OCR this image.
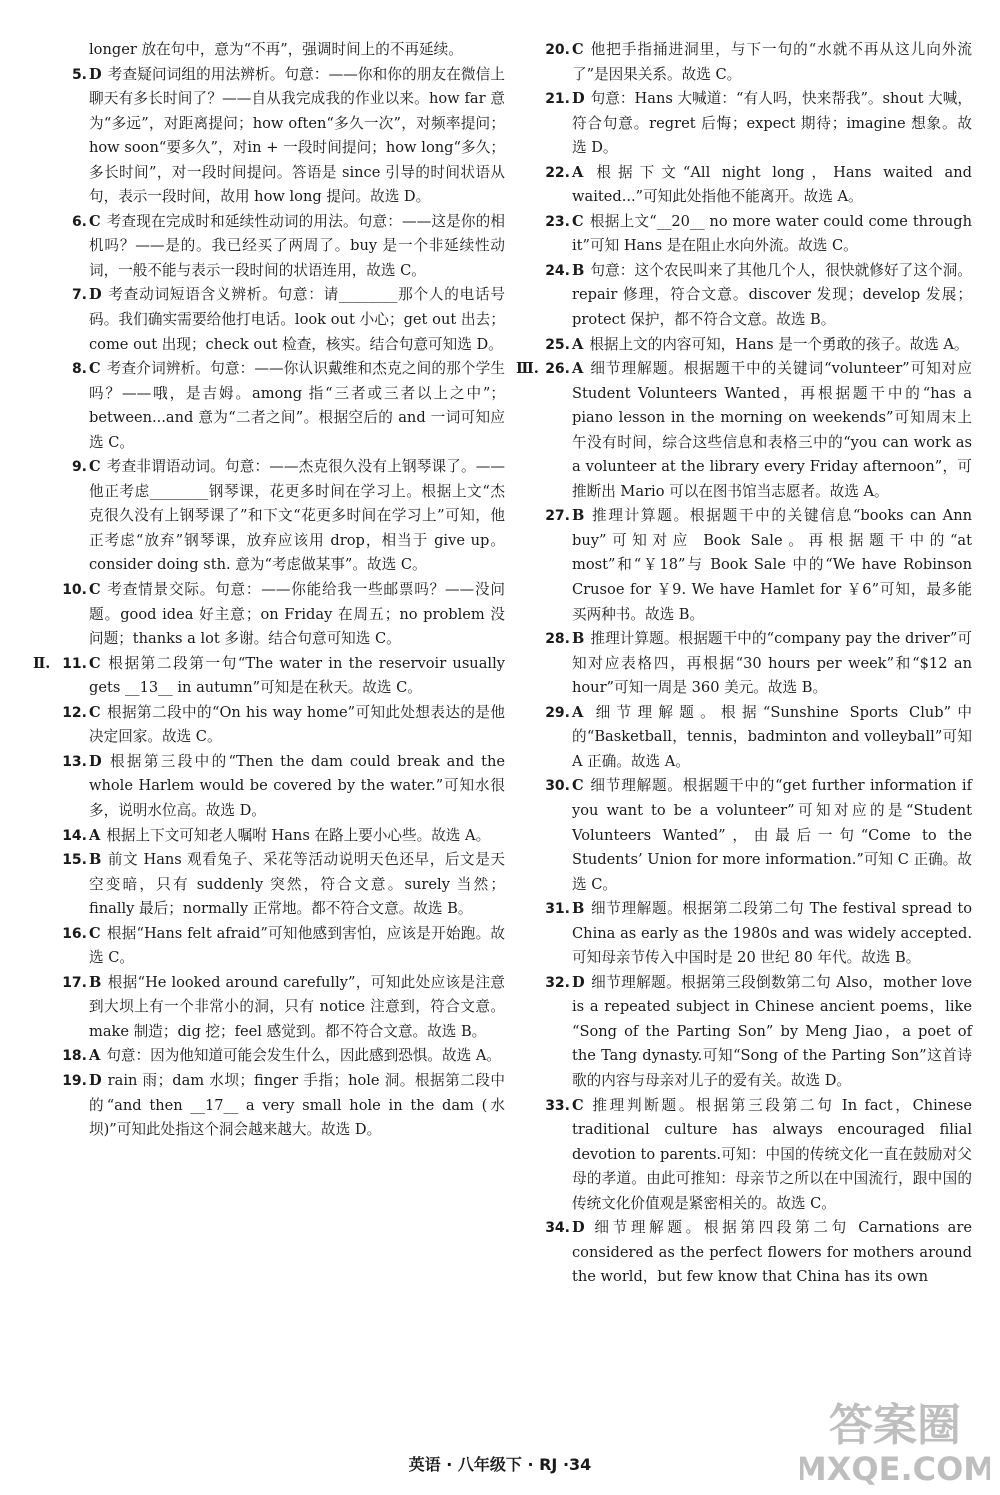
longer 放在句中，意为“不再”，强调时间上的不再延续。

5. D 考查疑问词组的用法辨析。句意：——你和你的朋友在微信上聊天有多长时间了？——自从我完成我的作业以来。how far 意为“多远”，对距离提问；how often“多久一次”，对频率提问；how soon“要多久”，对in + 一段时间提问；how long“多久；多长时间”，对一段时间提问。答语是 since 引导的时间状语从句，表示一段时间，故用 how long 提问。故选 D。

6. C 考查现在完成时和延续性动词的用法。句意：——这是你的相机吗？——是的。我已经买了两周了。buy 是一个非延续性动词，一般不能与表示一段时间的状语连用，故选 C。

7. D 考查动词短语含义辨析。句意：请________那个人的电话号码。我们确实需要给他打电话。look out 小心；get out 出去；come out 出现；check out 检查，核实。结合句意可知选 D。

8. C 考查介词辨析。句意：——你认识戴维和杰克之间的那个学生吗？——哦，是吉姆。among 指“三者或三者以上之中”；between...and 意为“二者之间”。根据空后的 and 一词可知应选 C。

9. C 考查非谓语动词。句意：——杰克很久没有上钢琴课了。——他正考虑________钢琴课，花更多时间在学习上。根据上文“杰克很久没有上钢琴课了”和下文“花更多时间在学习上”可知，他正考虑“放弃”钢琴课，放弃应该用 drop，相当于 give up。consider doing sth. 意为“考虑做某事”。故选 C。

10. C 考查情景交际。句意：——你能给我一些邮票吗？——没问题。good idea 好主意；on Friday 在周五；no problem 没问题；thanks a lot 多谢。结合句意可知选 C。

Ⅱ. 11. C 根据第二段第一句“The water in the reservoir usually gets __13__ in autumn”可知是在秋天。故选 C。

12. C 根据第二段中的“On his way home”可知此处想表达的是他决定回家。故选 C。

13. D 根据第三段中的“Then the dam could break and the whole Harlem would be covered by the water.”可知水很多，说明水位高。故选 D。

14. A 根据上下文可知老人嘱咐 Hans 在路上要小心些。故选 A。

15. B 前文 Hans 观看兔子、采花等活动说明天色还早，后文是天空变暗，只有 suddenly 突然，符合文意。surely 当然；finally 最后；normally 正常地。都不符合文意。故选 B。

16. C 根据“Hans felt afraid”可知他感到害怕，应该是开始跑。故选 C。

17. B 根据“He looked around carefully”，可知此处应该是注意到大坝上有一个非常小的洞，只有 notice 注意到，符合文意。make 制造；dig 挖；feel 感觉到。都不符合文意。故选 B。

18. A 句意：因为他知道可能会发生什么，因此感到恐惧。故选 A。

19. D rain 雨；dam 水坝；finger 手指；hole 洞。根据第二段中的“and then __17__ a very small hole in the dam (水坝)”可知此处指这个洞会越来越大。故选 D。

20. C 他把手指捅进洞里，与下一句的“水就不再从这儿向外流了”是因果关系。故选 C。

21. D 句意：Hans 大喊道：“有人吗，快来帮我”。shout 大喊，符合句意。regret 后悔；expect 期待；imagine 想象。故选 D。

22. A 根据下文“All night long，Hans waited and waited...”可知此处指他不能离开。故选 A。

23. C 根据上文“__20__ no more water could come through it”可知 Hans 是在阻止水向外流。故选 C。

24. B 句意：这个农民叫来了其他几个人，很快就修好了这个洞。repair 修理，符合文意。discover 发现；develop 发展；protect 保护，都不符合文意。故选 B。

25. A 根据上文的内容可知，Hans 是一个勇敢的孩子。故选 A。

Ⅲ. 26. A 细节理解题。根据题干中的关键词“volunteer”可知对应 Student Volunteers Wanted，再根据题干中的“has a piano lesson in the morning on weekends”可知周末上午没有时间，综合这些信息和表格三中的“you can work as a volunteer at the library every Friday afternoon”，可推断出 Mario 可以在图书馆当志愿者。故选 A。

27. B 推理计算题。根据题干中的关键信息“books can Ann buy”可知对应 Book Sale。再根据题干中的“at most”和“￥18”与 Book Sale 中的“We have Robinson Crusoe for ￥9. We have Hamlet for ￥6”可知，最多能买两种书。故选 B。

28. B 推理计算题。根据题干中的“company pay the driver”可知对应表格四，再根据“30 hours per week”和“$12 an hour”可知一周是 360 美元。故选 B。

29. A 细节理解题。根据“Sunshine Sports Club”中的“Basketball，tennis，badminton and volleyball”可知 A 正确。故选 A。

30. C 细节理解题。根据题干中的“get further information if you want to be a volunteer”可知对应的是“Student Volunteers Wanted”，由最后一句“Come to the Students’ Union for more information.”可知 C 正确。故选 C。

31. B 细节理解题。根据第二段第二句 The festival spread to China as early as the 1980s and was widely accepted.可知母亲节传入中国时是 20 世纪 80 年代。故选 B。

32. D 细节理解题。根据第三段倒数第二句 Also，mother love is a repeated subject in Chinese ancient poems，like “Song of the Parting Son” by Meng Jiao，a poet of the Tang dynasty.可知“Song of the Parting Son”这首诗歌的内容与母亲对儿子的爱有关。故选 D。

33. C 推理判断题。根据第三段第二句 In fact，Chinese traditional culture has always encouraged filial devotion to parents.可知：中国的传统文化一直在鼓励对父母的孝道。由此可推知：母亲节之所以在中国流行，跟中国的传统文化价值观是紧密相关的。故选 C。

34. D 细节理解题。根据第四段第二句 Carnations are considered as the perfect flowers for mothers around the world，but few know that China has its own

英语 · 八年级下 · RJ ·34
答案圈
MXQE.COM
